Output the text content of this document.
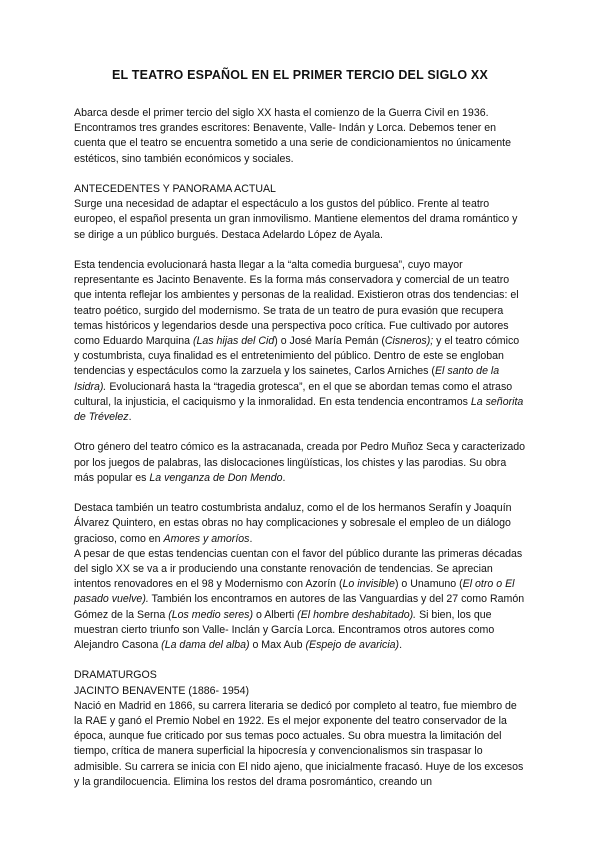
EL TEATRO ESPAÑOL EN EL PRIMER TERCIO DEL SIGLO XX

Abarca desde el primer tercio del siglo XX hasta el comienzo de la Guerra Civil en 1936. Encontramos tres grandes escritores: Benavente, Valle- Indán y Lorca. Debemos tener en cuenta que el teatro se encuentra sometido a una serie de condicionamientos no únicamente estéticos, sino también económicos y sociales.

ANTECEDENTES Y PANORAMA ACTUAL

Surge una necesidad de adaptar el espectáculo a los gustos del público. Frente al teatro europeo, el español presenta un gran inmovilismo. Mantiene elementos del drama romántico y se dirige a un público burgués. Destaca Adelardo López de Ayala.

Esta tendencia evolucionará hasta llegar a la “alta comedia burguesa”, cuyo mayor representante es Jacinto Benavente. Es la forma más conservadora y comercial de un teatro que intenta reflejar los ambientes y personas de la realidad. Existieron otras dos tendencias: el teatro poético, surgido del modernismo. Se trata de un teatro de pura evasión que recupera temas históricos y legendarios desde una perspectiva poco crítica. Fue cultivado por autores como Eduardo Marquina (Las hijas del Cid) o José María Pemán (Cisneros); y el teatro cómico y costumbrista, cuya finalidad es el entretenimiento del público. Dentro de este se engloban tendencias y espectáculos como la zarzuela y los sainetes, Carlos Arniches (El santo de la Isidra). Evolucionará hasta la “tragedia grotesca”, en el que se abordan temas como el atraso cultural, la injusticia, el caciquismo y la inmoralidad. En esta tendencia encontramos La señorita de Trévelez.

Otro género del teatro cómico es la astracanada, creada por Pedro Muñoz Seca y caracterizado por los juegos de palabras, las dislocaciones lingüísticas, los chistes y las parodias. Su obra más popular es La venganza de Don Mendo.

Destaca también un teatro costumbrista andaluz, como el de los hermanos Serafín y Joaquín Álvarez Quintero, en estas obras no hay complicaciones y sobresale el empleo de un diálogo gracioso, como en Amores y amoríos.

A pesar de que estas tendencias cuentan con el favor del público durante las primeras décadas del siglo XX se va a ir produciendo una constante renovación de tendencias. Se aprecian intentos renovadores en el 98 y Modernismo con Azorín (Lo invisible) o Unamuno (El otro o El pasado vuelve). También los encontramos en autores de las Vanguardias y del 27 como Ramón Gómez de la Serna (Los medio seres) o Alberti (El hombre deshabitado). Si bien, los que muestran cierto triunfo son Valle- Inclán y García Lorca. Encontramos otros autores como Alejandro Casona (La dama del alba) o Max Aub (Espejo de avaricia).

DRAMATURGOS

JACINTO BENAVENTE (1886- 1954)

Nació en Madrid en 1866, su carrera literaria se dedicó por completo al teatro, fue miembro de la RAE y ganó el Premio Nobel en 1922. Es el mejor exponente del teatro conservador de la época, aunque fue criticado por sus temas poco actuales. Su obra muestra la limitación del tiempo, crítica de manera superficial la hipocresía y convencionalismos sin traspasar lo admisible. Su carrera se inicia con El nido ajeno, que inicialmente fracasó. Huye de los excesos y la grandilocuencia. Elimina los restos del drama posromántico, creando un
